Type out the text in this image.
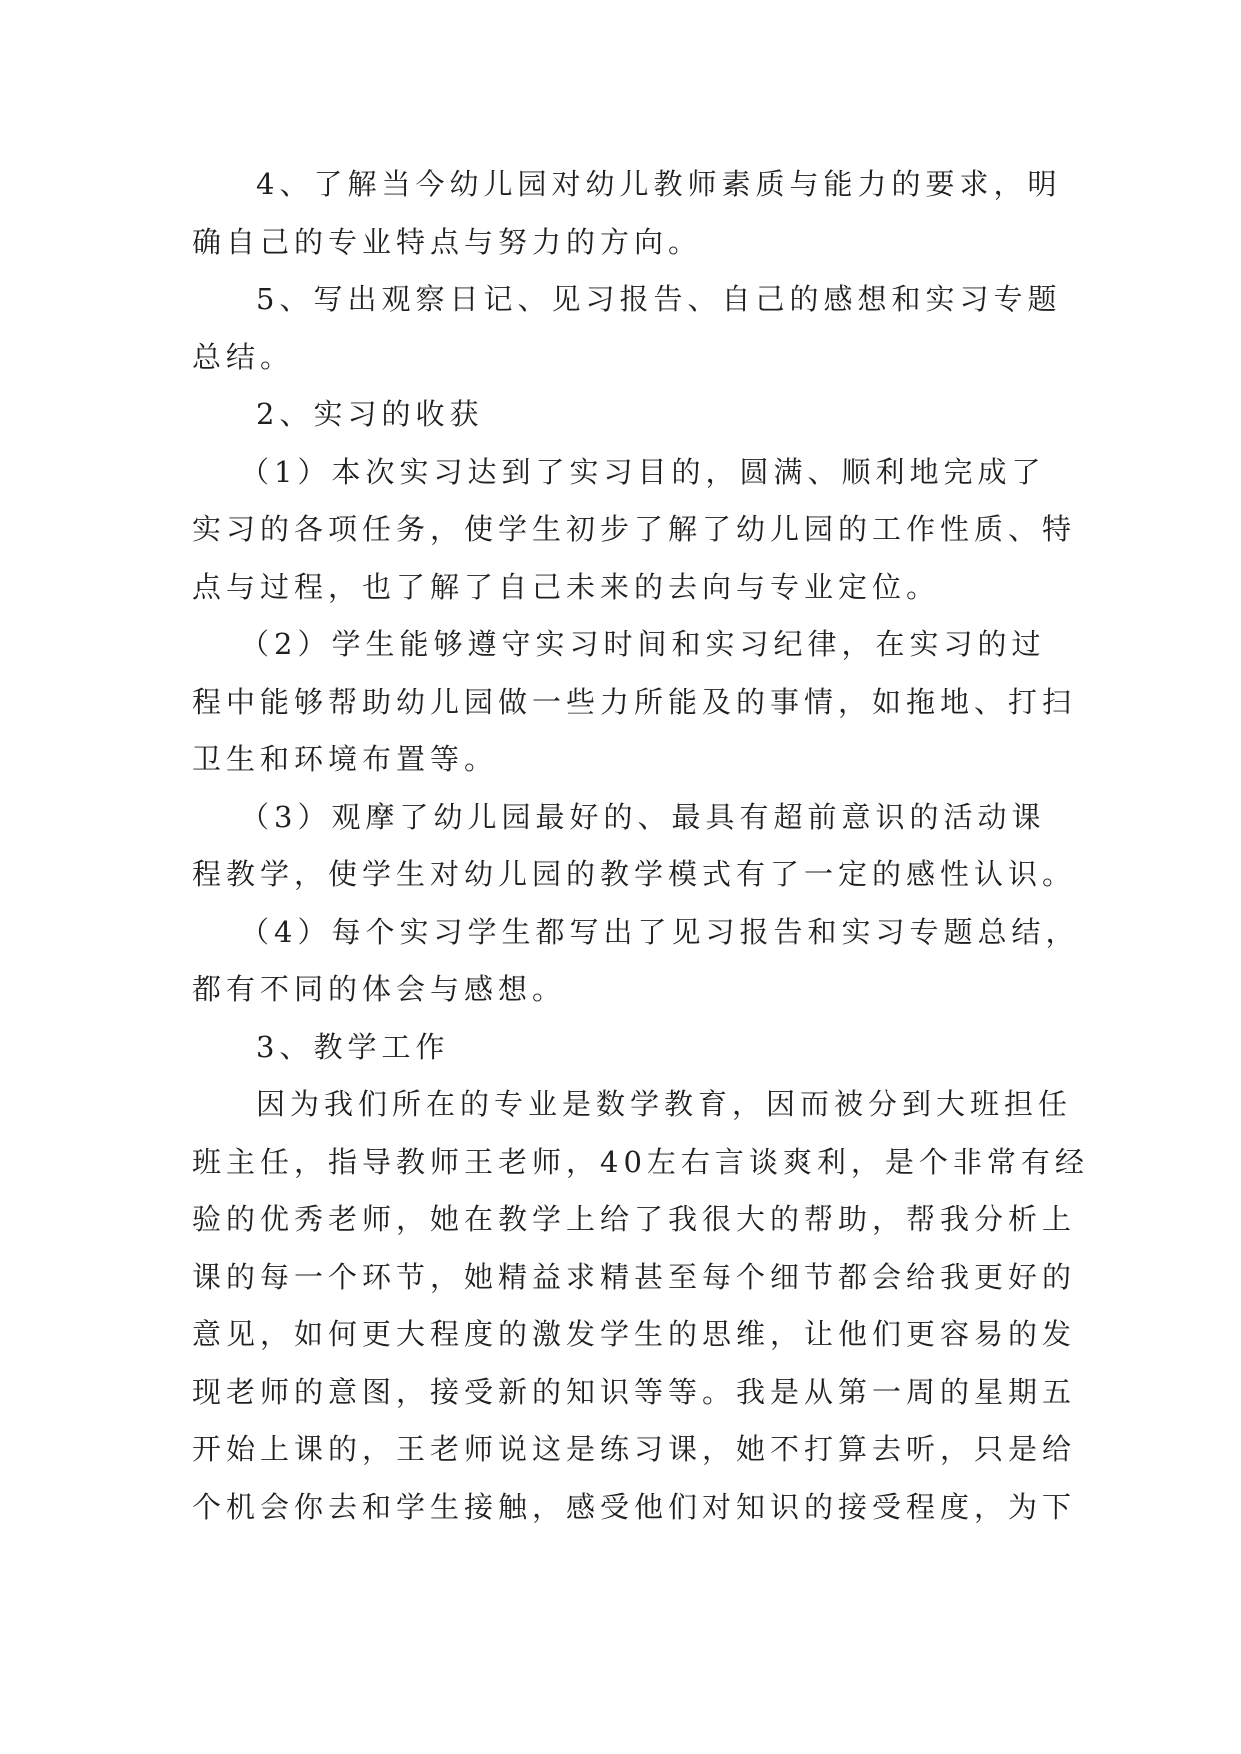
4、了解当今幼儿园对幼儿教师素质与能力的要求，明
确自己的专业特点与努力的方向。
5、写出观察日记、见习报告、自己的感想和实习专题
总结。
2、实习的收获
（1）本次实习达到了实习目的，圆满、顺利地完成了
实习的各项任务，使学生初步了解了幼儿园的工作性质、特
点与过程，也了解了自己未来的去向与专业定位。
（2）学生能够遵守实习时间和实习纪律，在实习的过
程中能够帮助幼儿园做一些力所能及的事情，如拖地、打扫
卫生和环境布置等。
（3）观摩了幼儿园最好的、最具有超前意识的活动课
程教学，使学生对幼儿园的教学模式有了一定的感性认识。
（4）每个实习学生都写出了见习报告和实习专题总结，
都有不同的体会与感想。
3、教学工作
因为我们所在的专业是数学教育，因而被分到大班担任
班主任，指导教师王老师，40左右言谈爽利，是个非常有经
验的优秀老师，她在教学上给了我很大的帮助，帮我分析上
课的每一个环节，她精益求精甚至每个细节都会给我更好的
意见，如何更大程度的激发学生的思维，让他们更容易的发
现老师的意图，接受新的知识等等。我是从第一周的星期五
开始上课的，王老师说这是练习课，她不打算去听，只是给
个机会你去和学生接触，感受他们对知识的接受程度，为下
